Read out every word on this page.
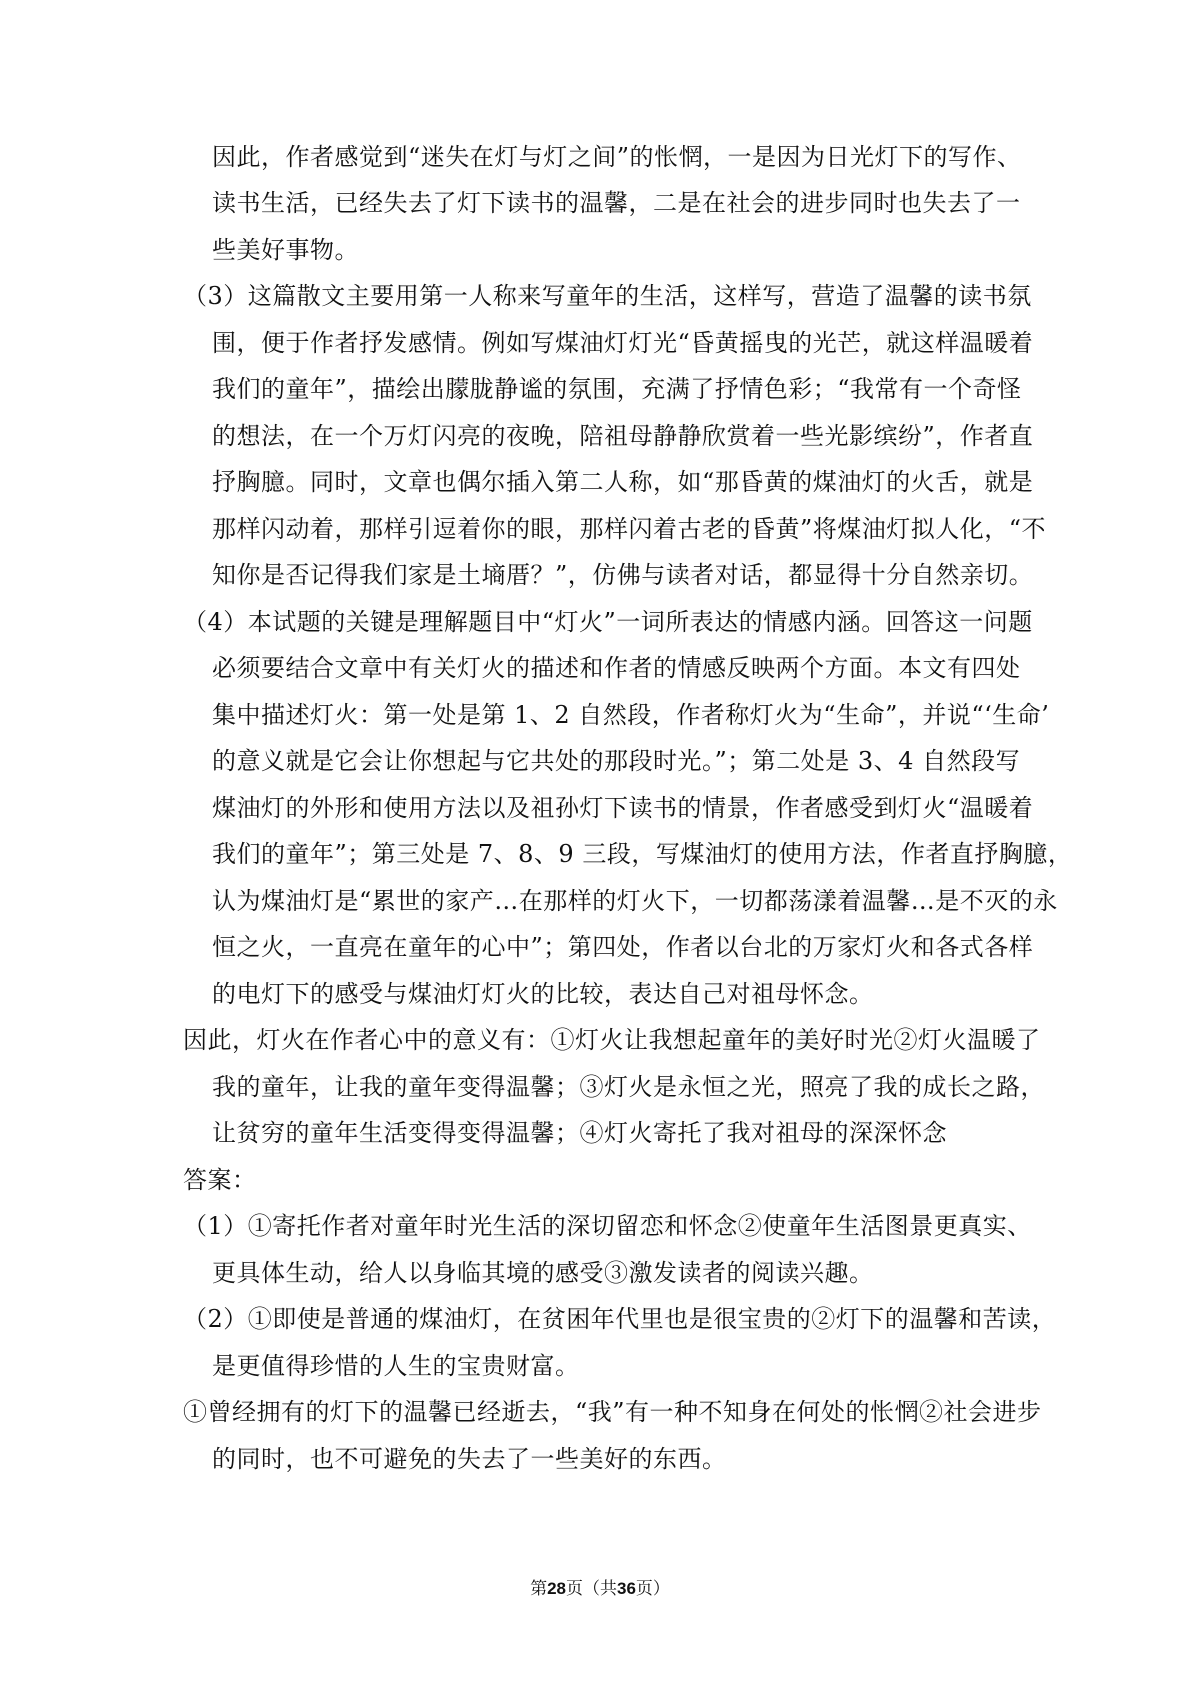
因此，作者感觉到“迷失在灯与灯之间”的怅惘，一是因为日光灯下的写作、
读书生活，已经失去了灯下读书的温馨，二是在社会的进步同时也失去了一
些美好事物。
（3）这篇散文主要用第一人称来写童年的生活，这样写，营造了温馨的读书氛
围，便于作者抒发感情。例如写煤油灯灯光“昏黄摇曳的光芒，就这样温暖着
我们的童年”，描绘出朦胧静谧的氛围，充满了抒情色彩；“我常有一个奇怪
的想法，在一个万灯闪亮的夜晚，陪祖母静静欣赏着一些光影缤纷”，作者直
抒胸臆。同时，文章也偶尔插入第二人称，如“那昏黄的煤油灯的火舌，就是
那样闪动着，那样引逗着你的眼，那样闪着古老的昏黄”将煤油灯拟人化，“不
知你是否记得我们家是土墒厝？”，仿佛与读者对话，都显得十分自然亲切。
（4）本试题的关键是理解题目中“灯火”一词所表达的情感内涵。回答这一问题
必须要结合文章中有关灯火的描述和作者的情感反映两个方面。本文有四处
集中描述灯火：第一处是第 1、2 自然段，作者称灯火为“生命”，并说“‘生命’
的意义就是它会让你想起与它共处的那段时光。”；第二处是 3、4 自然段写
煤油灯的外形和使用方法以及祖孙灯下读书的情景，作者感受到灯火“温暖着
我们的童年”；第三处是 7、8、9 三段，写煤油灯的使用方法，作者直抒胸臆，
认为煤油灯是“累世的家产…在那样的灯火下，一切都荡漾着温馨…是不灭的永
恒之火，一直亮在童年的心中”；第四处，作者以台北的万家灯火和各式各样
的电灯下的感受与煤油灯灯火的比较，表达自己对祖母怀念。
因此，灯火在作者心中的意义有：①灯火让我想起童年的美好时光②灯火温暖了
我的童年，让我的童年变得温馨；③灯火是永恒之光，照亮了我的成长之路，
让贫穷的童年生活变得变得温馨；④灯火寄托了我对祖母的深深怀念
答案：
（1）①寄托作者对童年时光生活的深切留恋和怀念②使童年生活图景更真实、
更具体生动，给人以身临其境的感受③激发读者的阅读兴趣。
（2）①即使是普通的煤油灯，在贫困年代里也是很宝贵的②灯下的温馨和苦读，
是更值得珍惜的人生的宝贵财富。
①曾经拥有的灯下的温馨已经逝去，“我”有一种不知身在何处的怅惘②社会进步
的同时，也不可避免的失去了一些美好的东西。
第28页（共36页）
